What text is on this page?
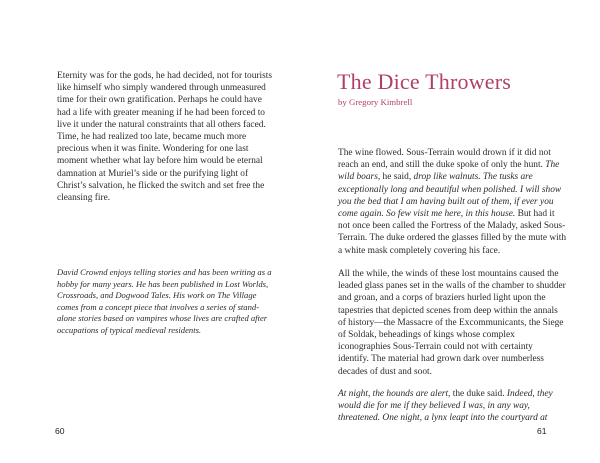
Eternity was for the gods, he had decided, not for tourists like himself who simply wandered through unmeasured time for their own gratification. Perhaps he could have had a life with greater meaning if he had been forced to live it under the natural constraints that all others faced. Time, he had realized too late, became much more precious when it was finite. Wondering for one last moment whether what lay before him would be eternal damnation at Muriel’s side or the purifying light of Christ’s salvation, he flicked the switch and set free the cleansing fire.

David Crownd enjoys telling stories and has been writing as a hobby for many years. He has been published in Lost Worlds, Crossroads, and Dogwood Tales. His work on The Village comes from a concept piece that involves a series of stand-alone stories based on vampires whose lives are crafted after occupations of typical medieval residents.

60
The Dice Throwers

by Gregory Kimbrell

The wine flowed. Sous-Terrain would drown if it did not reach an end, and still the duke spoke of only the hunt. The wild boars, he said, drop like walnuts. The tusks are exceptionally long and beautiful when polished. I will show you the bed that I am having built out of them, if ever you come again. So few visit me here, in this house. But had it not once been called the Fortress of the Malady, asked Sous-Terrain. The duke ordered the glasses filled by the mute with a white mask completely covering his face.

All the while, the winds of these lost mountains caused the leaded glass panes set in the walls of the chamber to shudder and groan, and a corps of braziers hurled light upon the tapestries that depicted scenes from deep within the annals of history—the Massacre of the Excommunicants, the Siege of Soldak, beheadings of kings whose complex iconographies Sous-Terrain could not with certainty identify. The material had grown dark over numberless decades of dust and soot.

At night, the hounds are alert, the duke said. Indeed, they would die for me if they believed I was, in any way, threatened. One night, a lynx leapt into the courtyard at

61
